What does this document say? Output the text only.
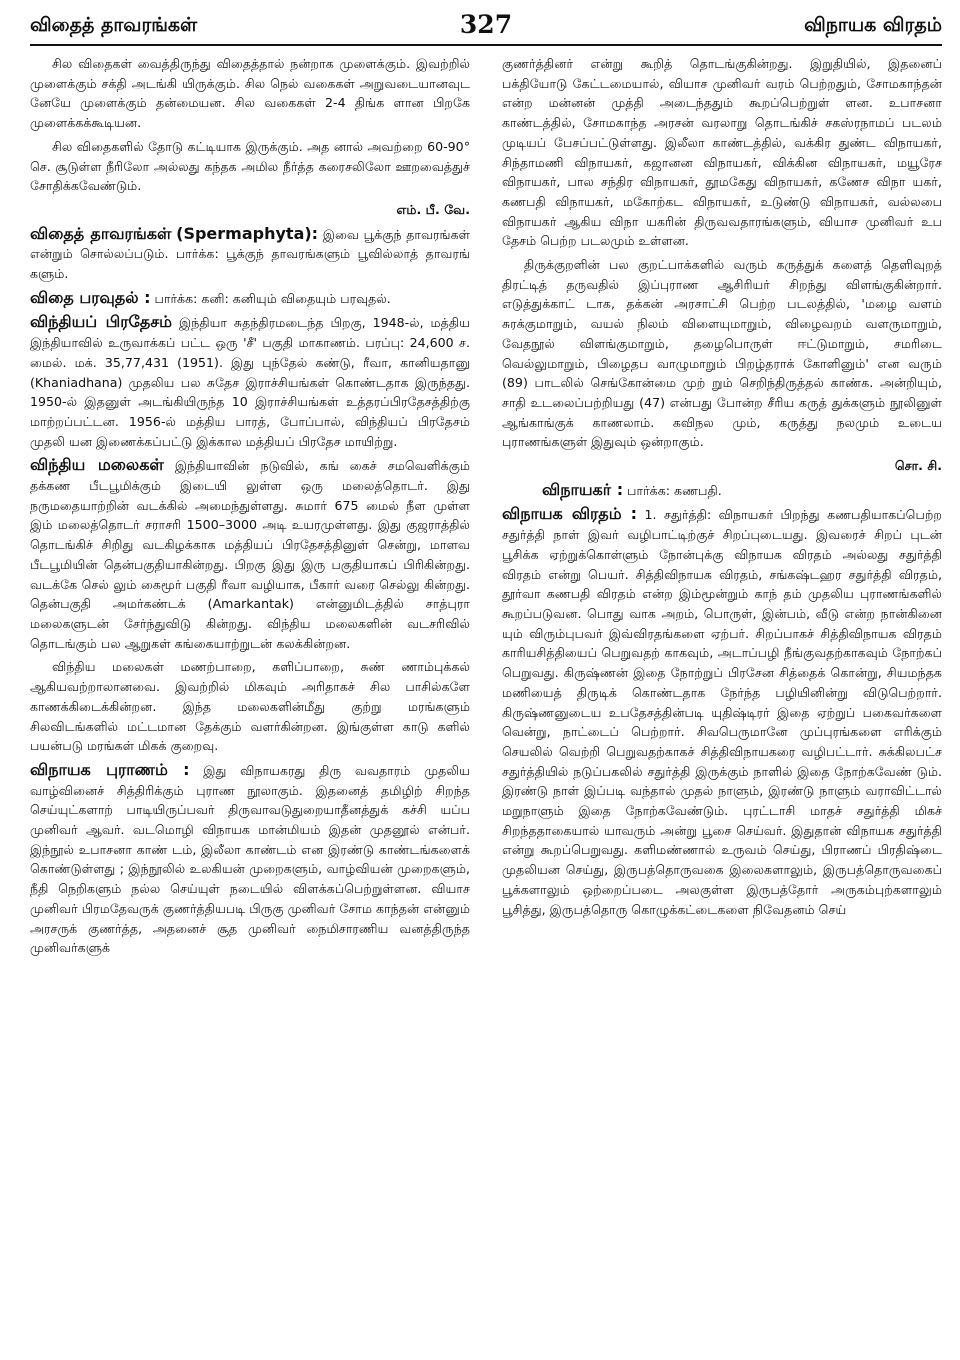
விதைத் தாவரங்கள்	327	விநாயக விரதம்

சில விதைகள் வைத்திருந்து விதைத்தால் நன்றாக முளைக்கும். இவற்றில் முளைக்கும் சக்தி அடங்கி யிருக்கும். சில நெல் வகைகள் அறுவடையானவுட னேயே முளைக்கும் தன்மையன. சில வகைகள் 2-4 திங்க ளான பிறகே முளைக்கக்கூடியன.

சில விதைகளில் தோடு கட்டியாக இருக்கும். அத னால் அவற்றை 60-90° செ. சூடுள்ள நீரிலோ அல்லது கந்தக அமில நீர்த்த கரைசலிலோ ஊறவைத்துச் சோதிக்கவேண்டும்.

எம். பீ. வே.

விதைத் தாவரங்கள் (Spermaphyta): இவை பூக்குந் தாவரங்கள் என்றும் சொல்லப்படும். பார்க்க: பூக்குந் தாவரங்களும் பூவில்லாத் தாவரங் களும்.

விதை பரவுதல் : பார்க்க: கனி: கனியும் விதையும் பரவுதல்.

விந்தியப் பிரதேசம் இந்தியா சுதந்திரமடைந்த பிறகு, 1948-ல், மத்திய இந்தியாவில் உருவாக்கப் பட்ட ஒரு 'சீ' பகுதி மாகாணம். பரப்பு: 24,600 ச. மைல். மக். 35,77,431 (1951). இது புந்தேல் கண்டு, ரீவா, கானியதானு (Khaniadhana) முதலிய பல சுதேச இராச்சியங்கள் கொண்டதாக இருந்தது. 1950-ல் இதனுள் அடங்கியிருந்த 10 இராச்சியங்கள் உத்தரப்பிரதேசத்திற்கு மாற்றப்பட்டன. 1956-ல் மத்திய பாரத், போப்பால், விந்தியப் பிரதேசம் முதலி யன இணைக்கப்பட்டு இக்கால மத்தியப் பிரதேச மாயிற்று.

விந்திய மலைகள் இந்தியாவின் நடுவில், கங் கைச் சமவெளிக்கும் தக்கண பீடபூமிக்கும் இடையி லுள்ள ஒரு மலைத்தொடர். இது நருமதையாற்றின் வடக்கில் அமைந்துள்ளது. சுமார் 675 மைல் நீள முள்ள இம் மலைத்தொடர் சராசரி 1500–3000 அடி உயரமுள்ளது. இது குஜராத்தில் தொடங்கிச் சிறிது வடகிழக்காக மத்தியப் பிரதேசத்தினுள் சென்று, மாளவ பீடபூமியின் தென்பகுதியாகின்றது. பிறகு இது இரு பகுதியாகப் பிரிகின்றது. வடக்கே செல் லும் கைமூர் பகுதி ரீவா வழியாக, பீகார் வரை செல்லு கின்றது. தென்பகுதி அமர்கண்டக் (Amarkantak) என்னுமிடத்தில் சாத்புரா மலைகளுடன் சேர்ந்துவிடு கின்றது. விந்திய மலைகளின் வடசரிவில் தொடங்கும் பல ஆறுகள் கங்கையாற்றுடன் கலக்கின்றன.

விந்திய மலைகள் மணற்பாறை, களிப்பாறை, சுண் ணாம்புக்கல் ஆகியவற்றாலானவை. இவற்றில் மிகவும் அரிதாகச் சில பாசில்களே காணக்கிடைக்கின்றன. இந்த மலைகளின்மீது குற்று மரங்களும் சிலவிடங்களில் மட்டமான தேக்கும் வளர்கின்றன. இங்குள்ள காடு களில் பயன்படு மரங்கள் மிகக் குறைவு.

விநாயக புராணம் : இது விநாயகரது திரு வவதாரம் முதலிய வாழ்வினைச் சித்திரிக்கும் புராண நூலாகும். இதனைத் தமிழிற் சிறந்த செய்யுட்களாற் பாடியிருப்பவர் திருவாவடுதுறையாதீனத்துக் கச்சி யப்ப முனிவர் ஆவர். வடமொழி விநாயக மான்மியம் இதன் முதனூல் என்பர். இந்நூல் உபாசனா காண் டம், இலீலா காண்டம் என இரண்டு காண்டங்களைக் கொண்டுள்ளது ; இந்நூலில் உலகியன் முறைகளும், வாழ்வியன் முறைகளும், நீதி நெறிகளும் நல்ல செய்யுள் நடையில் விளக்கப்பெற்றுள்ளன. வியாச முனிவர் பிரமதேவருக் குணர்த்தியபடி பிருகு முனிவர் சோம காந்தன் என்னும் அரசருக் குணர்த்த, அதனைச் சூத முனிவர் நைமிசாரணிய வனத்திருந்த முனிவர்களுக்

குணர்த்தினர் என்று கூறித் தொடங்குகின்றது. இறுதியில், இதனைப் பக்தியோடு கேட்டமையால், வியாச முனிவர் வரம் பெற்றதும், சோமகாந்தன் என்ற மன்னன் முத்தி அடைந்ததும் கூறப்பெற்றுள் ளன. உபாசனா காண்டத்தில், சோமகாந்த அரசன் வரலாறு தொடங்கிச் சகஸ்ரநாமப் படலம் முடியப் பேசப்பட்டுள்ளது. இலீலா காண்டத்தில், வக்கிர துண்ட விநாயகர், சிந்தாமணி விநாயகர், கஜானன விநாயகர், விக்கின விநாயகர், மயூரேச விநாயகர், பால சந்திர விநாயகர், தூமகேது விநாயகர், கணேச விநா யகர், கணபதி விநாயகர், மகோற்கட விநாயகர், உடுண்டு விநாயகர், வல்லபை விநாயகர் ஆகிய விநா யகரின் திருவவதாரங்களும், வியாச முனிவர் உப தேசம் பெற்ற படலமும் உள்ளன.

திருக்குறளின் பல குறட்பாக்களில் வரும் கருத்துக் களைத் தெளிவுறத் திரட்டித் தருவதில் இப்புராண ஆசிரியர் சிறந்து விளங்குகின்றார். எடுத்துக்காட் டாக, தக்கன் அரசாட்சி பெற்ற படலத்தில், 'மழை வளம் சுரக்குமாறும், வயல் நிலம் விளையுமாறும், விழைவறம் வளருமாறும், வேதநூல் விளங்குமாறும், தழைபொருள் ஈட்டுமாறும், சமரிடை வெல்லுமாறும், பிழைதப வாழுமாறும் பிறழ்தராக் கோளினும்' என வரும் (89) பாடலில் செங்கோன்மை முற் றும் செறிந்திருத்தல் காண்க. அன்றியும், சாதி உடலைப்பற்றியது (47) என்பது போன்ற சீரிய கருத் துக்களும் நூலினுள் ஆங்காங்குக் காணலாம். கவிநல மும், கருத்து நலமும் உடைய புராணங்களுள் இதுவும் ஒன்றாகும்.

சொ. சி.

விநாயகர் : பார்க்க: கணபதி.

விநாயக விரதம் : 1. சதுர்த்தி: விநாயகர் பிறந்து கணபதியாகப்பெற்ற சதுர்த்தி நாள் இவர் வழிபாட்டிற்குச் சிறப்புடையது. இவரைச் சிறப் புடன் பூசிக்க ஏற்றுக்கொள்ளும் நோன்புக்கு விநாயக விரதம் அல்லது சதுர்த்தி விரதம் என்று பெயர். சித்திவிநாயக விரதம், சங்கஷ்டஹர சதுர்த்தி விரதம், தூர்வா கணபதி விரதம் என்ற இம்மூன்றும் காந் தம் முதலிய புராணங்களில் கூறப்படுவன. பொது வாக அறம், பொருள், இன்பம், வீடு என்ற நான்கினை யும் விரும்புபவர் இவ்விரதங்களை ஏற்பர். சிறப்பாகச் சித்திவிநாயக விரதம் காரியசித்தியைப் பெறுவதற் காகவும், அடாப்பழி நீங்குவதற்காகவும் நோற்கப் பெறுவது. கிருஷ்ணன் இதை நோற்றுப் பிரசேன சித்தைக் கொன்று, சியமந்தக மணியைத் திருடிக் கொண்டதாக நேர்ந்த பழியினின்று விடுபெற்றார். கிருஷ்ணனுடைய உபதேசத்தின்படி யுதிஷ்டிரர் இதை ஏற்றுப் பகைவர்களை வென்று, நாட்டைப் பெற்றார். சிவபெருமானே முப்புரங்களை எரிக்கும் செயலில் வெற்றி பெறுவதற்காகச் சித்திவிநாயகரை வழிபட்டார். சுக்கிலபட்ச சதுர்த்தியில் நடுப்பகலில் சதுர்த்தி இருக்கும் நாளில் இதை நோற்கவேண் டும். இரண்டு நாள் இப்படி வந்தால் முதல் நாளும், இரண்டு நாளும் வராவிட்டால் மறுநாளும் இதை நோற்கவேண்டும். புரட்டாசி மாதச் சதுர்த்தி மிகச் சிறந்ததாகையால் யாவரும் அன்று பூசை செய்வர். இதுதான் விநாயக சதுர்த்தி என்று கூறப்பெறுவது. களிமண்ணால் உருவம் செய்து, பிராணப் பிரதிஷ்டை முதலியன செய்து, இருபத்தொருவகை இலைகளாலும், இருபத்தொருவகைப் பூக்களாலும் ஒற்றைப்படை அலகுள்ள இருபத்தோர் அருகம்புற்களாலும் பூசித்து, இருபத்தொரு கொழுக்கட்டைகளை நிவேதனம் செய்
